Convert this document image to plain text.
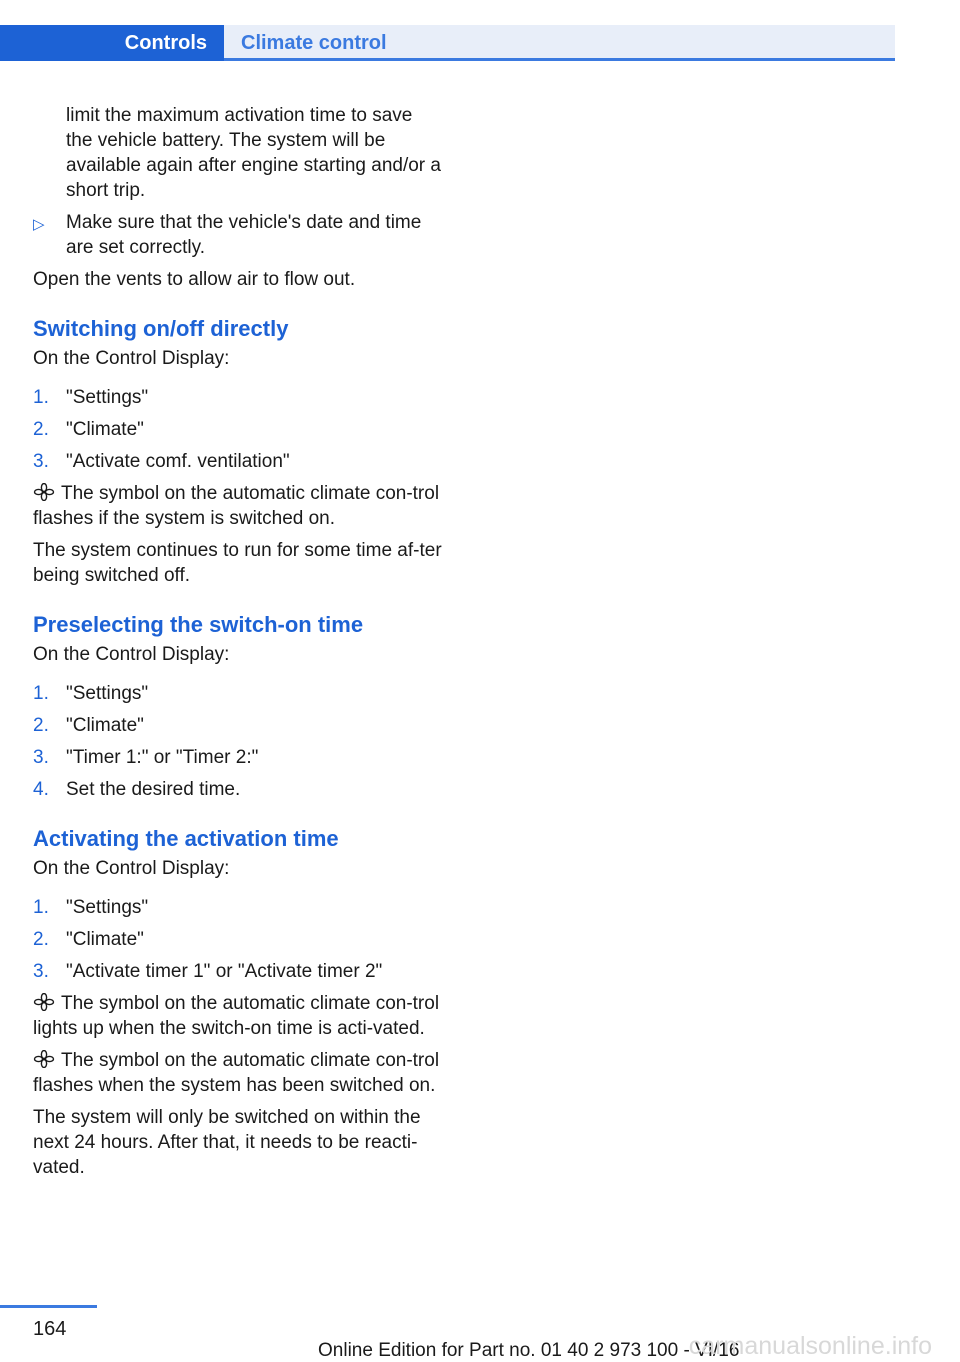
Controls	Climate control

limit the maximum activation time to save the vehicle battery. The system will be available again after engine starting and/or a short trip.

▷ Make sure that the vehicle's date and time are set correctly.

Open the vents to allow air to flow out.

Switching on/off directly

On the Control Display:

1. "Settings"
2. "Climate"
3. "Activate comf. ventilation"

The symbol on the automatic climate con-trol flashes if the system is switched on.

The system continues to run for some time af-ter being switched off.

Preselecting the switch-on time

On the Control Display:

1. "Settings"
2. "Climate"
3. "Timer 1:" or "Timer 2:"
4. Set the desired time.
Activating the activation time

On the Control Display:

1. "Settings"
2. "Climate"
3. "Activate timer 1" or "Activate timer 2"

The symbol on the automatic climate con-trol lights up when the switch-on time is acti-vated.

The symbol on the automatic climate con-trol flashes when the system has been switched on.

The system will only be switched on within the next 24 hours. After that, it needs to be reacti-vated.

164
Online Edition for Part no. 01 40 2 973 100 - VI/16
carmanualsonline.info
